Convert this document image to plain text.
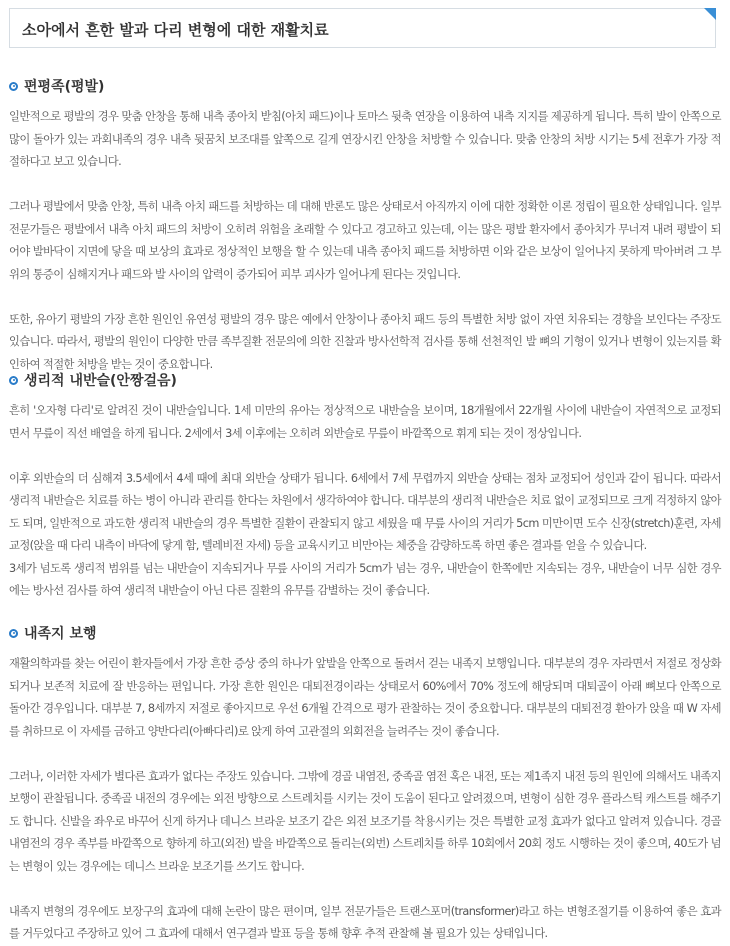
소아에서 흔한 발과 다리 변형에 대한 재활치료
편평족(평발)

일반적으로 평발의 경우 맞춤 안창을 통해 내측 종아치 받침(아치 패드)이나 토마스 뒷축 연장을 이용하여 내측 지지를 제공하게 됩니다. 특히 발이 안쪽으로 많이 돌아가 있는 과회내족의 경우 내측 뒷꿈치 보조대를 앞쪽으로 길게 연장시킨 안창을 처방할 수 있습니다. 맞춤 안창의 처방 시기는 5세 전후가 가장 적절하다고 보고 있습니다.

그러나 평발에서 맞춤 안창, 특히 내측 아치 패드를 처방하는 데 대해 반론도 많은 상태로서 아직까지 이에 대한 정확한 이론 정립이 필요한 상태입니다. 일부 전문가들은 평발에서 내측 아치 패드의 처방이 오히려 위험을 초래할 수 있다고 경고하고 있는데, 이는 많은 평발 환자에서 종아치가 무너져 내려 평발이 되어야 발바닥이 지면에 닿을 때 보상의 효과로 정상적인 보행을 할 수 있는데 내측 종아치 패드를 처방하면 이와 같은 보상이 일어나지 못하게 막아버려 그 부위의 통증이 심해지거나 패드와 발 사이의 압력이 증가되어 피부 괴사가 일어나게 된다는 것입니다.

또한, 유아기 평발의 가장 흔한 원인인 유연성 평발의 경우 많은 예에서 안창이나 종아치 패드 등의 특별한 처방 없이 자연 치유되는 경향을 보인다는 주장도 있습니다. 따라서, 평발의 원인이 다양한 만큼 족부질환 전문의에 의한 진찰과 방사선학적 검사를 통해 선천적인 발 뼈의 기형이 있거나 변형이 있는지를 확인하여 적절한 처방을 받는 것이 중요합니다.

생리적 내반슬(안짱걸음)

흔히 '오자형 다리'로 알려진 것이 내반슬입니다. 1세 미만의 유아는 정상적으로 내반슬을 보이며, 18개월에서 22개월 사이에 내반슬이 자연적으로 교정되면서 무릎이 직선 배열을 하게 됩니다. 2세에서 3세 이후에는 오히려 외반슬로 무릎이 바깥쪽으로 휘게 되는 것이 정상입니다.

이후 외반슬의 더 심해져 3.5세에서 4세 때에 최대 외반슬 상태가 됩니다. 6세에서 7세 무렵까지 외반슬 상태는 점차 교정되어 성인과 같이 됩니다. 따라서 생리적 내반슬은 치료를 하는 병이 아니라 관리를 한다는 차원에서 생각하여야 합니다. 대부분의 생리적 내반슬은 치료 없이 교정되므로 크게 걱정하지 않아도 되며, 일반적으로 과도한 생리적 내반슬의 경우 특별한 질환이 관찰되지 않고 세웠을 때 무릎 사이의 거리가 5cm 미만이면 도수 신장(stretch)훈련, 자세 교정(앉을 때 다리 내측이 바닥에 닿게 함, 텔레비전 자세) 등을 교육시키고 비만아는 체중을 감량하도록 하면 좋은 결과를 얻을 수 있습니다.

3세가 넘도록 생리적 범위를 넘는 내반슬이 지속되거나 무릎 사이의 거리가 5cm가 넘는 경우, 내반슬이 한쪽에만 지속되는 경우, 내반슬이 너무 심한 경우에는 방사선 검사를 하여 생리적 내반슬이 아닌 다른 질환의 유무를 감별하는 것이 좋습니다.

내족지 보행

재활의학과를 찾는 어린이 환자들에서 가장 흔한 증상 중의 하나가 앞발을 안쪽으로 돌려서 걷는 내족지 보행입니다. 대부분의 경우 자라면서 저절로 정상화되거나 보존적 치료에 잘 반응하는 편입니다. 가장 흔한 원인은 대퇴전경이라는 상태로서 60%에서 70% 정도에 해당되며 대퇴골이 아래 뼈보다 안쪽으로 돌아간 경우입니다. 대부분 7, 8세까지 저절로 좋아지므로 우선 6개월 간격으로 평가 관찰하는 것이 중요합니다. 대부분의 대퇴전경 환아가 앉을 때 W 자세를 취하므로 이 자세를 금하고 양반다리(아빠다리)로 앉게 하여 고관절의 외회전을 늘려주는 것이 좋습니다.

그러나, 이러한 자세가 별다른 효과가 없다는 주장도 있습니다. 그밖에 경골 내염전, 중족골 염전 혹은 내전, 또는 제1족지 내전 등의 원인에 의해서도 내족지 보행이 관찰됩니다. 중족골 내전의 경우에는 외전 방향으로 스트레치를 시키는 것이 도움이 된다고 알려졌으며, 변형이 심한 경우 플라스틱 캐스트를 해주기도 합니다. 신발을 좌우로 바꾸어 신게 하거나 데니스 브라운 보조기 같은 외전 보조기를 착용시키는 것은 특별한 교정 효과가 없다고 알려져 있습니다. 경골 내염전의 경우 족부를 바깥쪽으로 향하게 하고(외전) 발을 바깥쪽으로 돌리는(외번) 스트레치를 하루 10회에서 20회 정도 시행하는 것이 좋으며, 40도가 넘는 변형이 있는 경우에는 데니스 브라운 보조기를 쓰기도 합니다.

내족지 변형의 경우에도 보장구의 효과에 대해 논란이 많은 편이며, 일부 전문가들은 트랜스포머(transformer)라고 하는 변형조절기를 이용하여 좋은 효과를 거두었다고 주장하고 있어 그 효과에 대해서 연구결과 발표 등을 통해 향후 추적 관찰해 볼 필요가 있는 상태입니다.
